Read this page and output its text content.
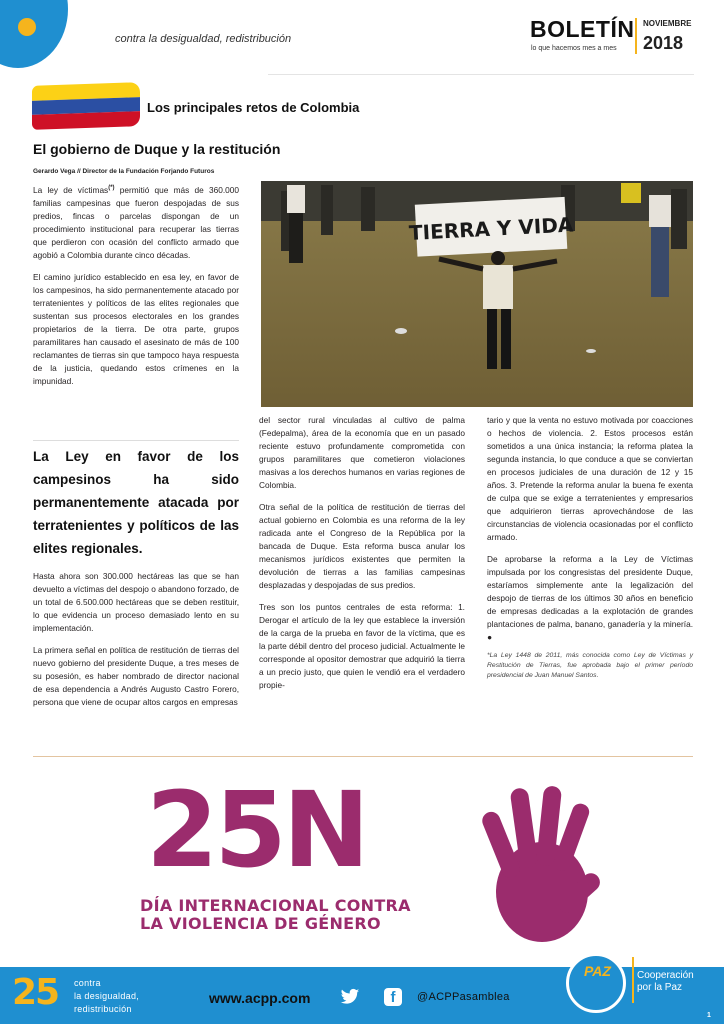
contra la desigualdad, redistribución	BOLETÍN
lo que hacemos mes a mes
NOVIEMBRE
2018
Los principales retos de Colombia
El gobierno de Duque y la restitución
Gerardo Vega // Director de la Fundación Forjando Futuros

La ley de víctimas(*) permitió que más de 360.000 familias campesinas que fueron despojadas de sus predios, fincas o parcelas dispongan de un procedimiento institucional para recuperar las tierras que perdieron con ocasión del conflicto armado que agobió a Colombia durante cinco décadas.

El camino jurídico establecido en esa ley, en favor de los campesinos, ha sido permanentemente atacado por terratenientes y políticos de las elites regionales que sustentan sus procesos electorales en los grandes propietarios de la tierra. De otra parte, grupos paramilitares han causado el asesinato de más de 100 reclamantes de tierras sin que tampoco haya respuesta de la justicia, quedando estos crímenes en la impunidad.

La Ley en favor de los campesinos ha sido permanentemente atacada por terratenientes y políticos de las elites regionales.

Hasta ahora son 300.000 hectáreas las que se han devuelto a víctimas del despojo o abandono forzado, de un total de 6.500.000 hectáreas que se deben restituir, lo que evidencia un proceso demasiado lento en su implementación.

La primera señal en política de restitución de tierras del nuevo gobierno del presidente Duque, a tres meses de su posesión, es haber nombrado de director nacional de esa dependencia a Andrés Augusto Castro Forero, persona que viene de ocupar altos cargos en empresas

TIERRA Y VIDA

del sector rural vinculadas al cultivo de palma (Fedepalma), área de la economía que en un pasado reciente estuvo profundamente comprometida con grupos paramilitares que cometieron violaciones masivas a los derechos humanos en varias regiones de Colombia.

Otra señal de la política de restitución de tierras del actual gobierno en Colombia es una reforma de la ley radicada ante el Congreso de la República por la bancada de Duque. Esta reforma busca anular los mecanismos jurídicos existentes que permiten la devolución de tierras a las familias campesinas desplazadas y despojadas de sus predios.

Tres son los puntos centrales de esta reforma: 1. Derogar el artículo de la ley que establece la inversión de la carga de la prueba en favor de la víctima, que es la parte débil dentro del proceso judicial. Actualmente le corresponde al opositor demostrar que adquirió la tierra a un precio justo, que quien le vendió era el verdadero propie-

tario y que la venta no estuvo motivada por coacciones o hechos de violencia. 2. Estos procesos están sometidos a una única instancia; la reforma platea la segunda instancia, lo que conduce a que se conviertan en procesos judiciales de una duración de 12 y 15 años. 3. Pretende la reforma anular la buena fe exenta de culpa que se exige a terratenientes y empresarios que adquirieron tierras aprovechándose de las circunstancias de violencia ocasionadas por el conflicto armado.

De aprobarse la reforma a la Ley de Víctimas impulsada por los congresistas del presidente Duque, estaríamos simplemente ante la legalización del despojo de tierras de los últimos 30 años en beneficio de empresas dedicadas a la explotación de grandes plantaciones de palma, banano, ganadería y la minería. ●

*La Ley 1448 de 2011, más conocida como Ley de Víctimas y Restitución de Tierras, fue aprobada bajo el primer período presidencial de Juan Manuel Santos.

25N
DÍA INTERNACIONAL CONTRA
LA VIOLENCIA DE GÉNERO
25 contra
la desigualdad,
redistribución
www.acpp.com	f	@ACPPasamblea
PAZ	Asamblea de
Cooperación
por la Paz
1
